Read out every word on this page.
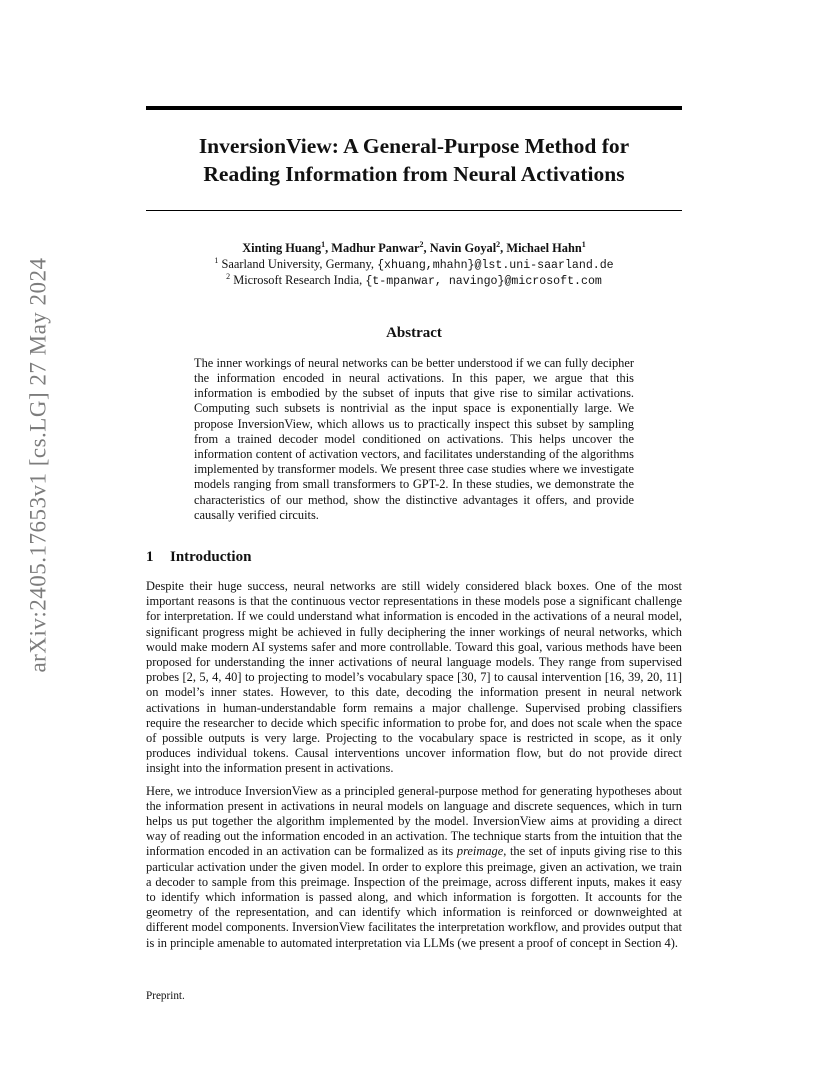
arXiv:2405.17653v1 [cs.LG] 27 May 2024
InversionView: A General-Purpose Method for
Reading Information from Neural Activations
Xinting Huang$^1$, Madhur Panwar$^2$, Navin Goyal$^2$, Michael Hahn$^1$
$^1$ Saarland University, Germany, {xhuang,mhahn}@lst.uni-saarland.de
$^2$ Microsoft Research India, {t-mpanwar, navingo}@microsoft.com
Abstract

The inner workings of neural networks can be better understood if we can fully decipher the information encoded in neural activations. In this paper, we argue that this information is embodied by the subset of inputs that give rise to similar activations. Computing such subsets is nontrivial as the input space is exponentially large. We propose InversionView, which allows us to practically inspect this subset by sampling from a trained decoder model conditioned on activations. This helps uncover the information content of activation vectors, and facilitates understanding of the algorithms implemented by transformer models. We present three case studies where we investigate models ranging from small transformers to GPT-2. In these studies, we demonstrate the characteristics of our method, show the distinctive advantages it offers, and provide causally verified circuits.

1 Introduction

Despite their huge success, neural networks are still widely considered black boxes. One of the most important reasons is that the continuous vector representations in these models pose a significant challenge for interpretation. If we could understand what information is encoded in the activations of a neural model, significant progress might be achieved in fully deciphering the inner workings of neural networks, which would make modern AI systems safer and more controllable. Toward this goal, various methods have been proposed for understanding the inner activations of neural language models. They range from supervised probes [2, 5, 4, 40] to projecting to model’s vocabulary space [30, 7] to causal intervention [16, 39, 20, 11] on model’s inner states. However, to this date, decoding the information present in neural network activations in human-understandable form remains a major challenge. Supervised probing classifiers require the researcher to decide which specific information to probe for, and does not scale when the space of possible outputs is very large. Projecting to the vocabulary space is restricted in scope, as it only produces individual tokens. Causal interventions uncover information flow, but do not provide direct insight into the information present in activations.

Here, we introduce InversionView as a principled general-purpose method for generating hypotheses about the information present in activations in neural models on language and discrete sequences, which in turn helps us put together the algorithm implemented by the model. InversionView aims at providing a direct way of reading out the information encoded in an activation. The technique starts from the intuition that the information encoded in an activation can be formalized as its preimage, the set of inputs giving rise to this particular activation under the given model. In order to explore this preimage, given an activation, we train a decoder to sample from this preimage. Inspection of the preimage, across different inputs, makes it easy to identify which information is passed along, and which information is forgotten. It accounts for the geometry of the representation, and can identify which information is reinforced or downweighted at different model components. InversionView facilitates the interpretation workflow, and provides output that is in principle amenable to automated interpretation via LLMs (we present a proof of concept in Section 4).

Preprint.
